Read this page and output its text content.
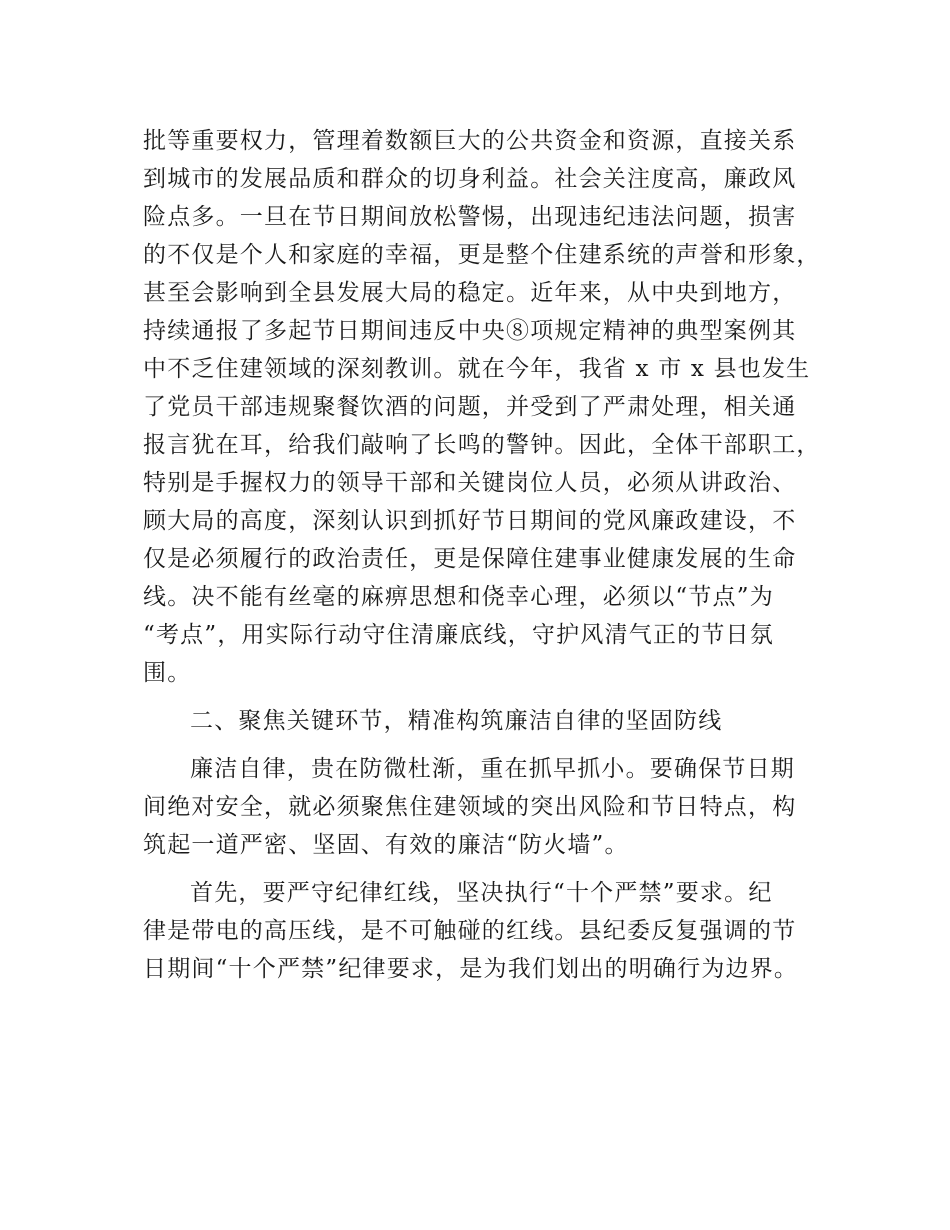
批等重要权力，管理着数额巨大的公共资金和资源，直接关系
到城市的发展品质和群众的切身利益。社会关注度高，廉政风
险点多。一旦在节日期间放松警惕，出现违纪违法问题，损害
的不仅是个人和家庭的幸福，更是整个住建系统的声誉和形象，
甚至会影响到全县发展大局的稳定。近年来，从中央到地方，
持续通报了多起节日期间违反中央⑧项规定精神的典型案例其
中不乏住建领域的深刻教训。就在今年，我省 x 市 x 县也发生
了党员干部违规聚餐饮酒的问题，并受到了严肃处理，相关通
报言犹在耳，给我们敲响了长鸣的警钟。因此，全体干部职工，
特别是手握权力的领导干部和关键岗位人员，必须从讲政治、
顾大局的高度，深刻认识到抓好节日期间的党风廉政建设，不
仅是必须履行的政治责任，更是保障住建事业健康发展的生命
线。决不能有丝毫的麻痹思想和侥幸心理，必须以“节点”为
“考点”，用实际行动守住清廉底线，守护风清气正的节日氛
围。
二、聚焦关键环节，精准构筑廉洁自律的坚固防线
廉洁自律，贵在防微杜渐，重在抓早抓小。要确保节日期
间绝对安全，就必须聚焦住建领域的突出风险和节日特点，构
筑起一道严密、坚固、有效的廉洁“防火墙”。
首先，要严守纪律红线，坚决执行“十个严禁”要求。纪
律是带电的高压线，是不可触碰的红线。县纪委反复强调的节
日期间“十个严禁”纪律要求，是为我们划出的明确行为边界。
